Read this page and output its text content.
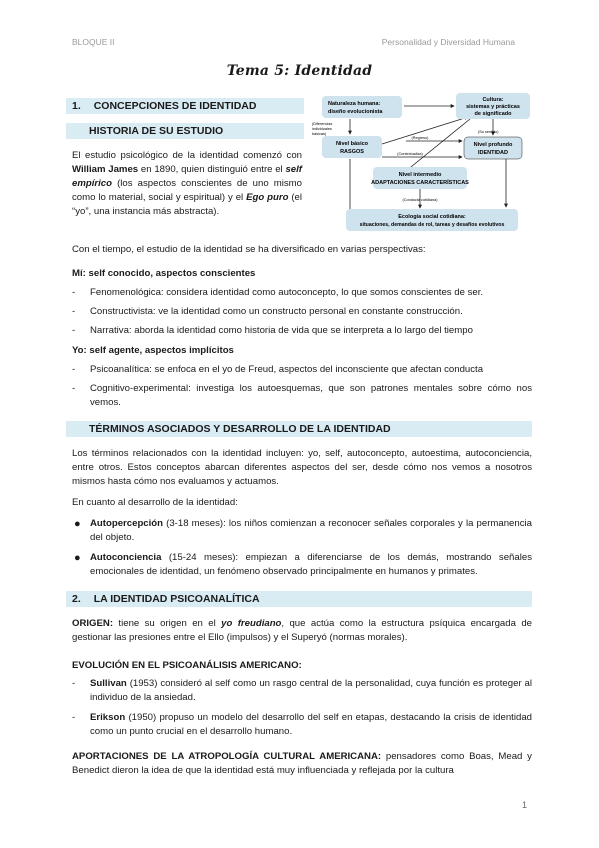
BLOQUE II	Personalidad y Diversidad Humana
Tema 5: Identidad
1. CONCEPCIONES DE IDENTIDAD
HISTORIA DE SU ESTUDIO
El estudio psicológico de la identidad comenzó con William James en 1890, quien distinguió entre el self empírico (los aspectos conscientes de uno mismo como lo material, social y espiritual) y el Ego puro (el “yo”, una instancia más abstracta).
Naturaleza humana:
diseño evolucionista
Cultura:
sistemas y prácticas
de significado
(Diferencias
individuales
básicas)
Nivel básico
RASGOS
Nivel profundo
IDENTIDAD
(Regreso)
(Su sentido)
(Contextualiza)
Nivel intermedio
ADAPTACIONES CARACTERÍSTICAS
(Conducta cotidiana)
Ecología social cotidiana:
situaciones, demandas de rol, tareas y desafíos evolutivos
Con el tiempo, el estudio de la identidad se ha diversificado en varias perspectivas:
Mí: self conocido, aspectos conscientes
- Fenomenológica: considera identidad como autoconcepto, lo que somos conscientes de ser.
- Constructivista: ve la identidad como un constructo personal en constante construcción.
- Narrativa: aborda la identidad como historia de vida que se interpreta a lo largo del tiempo
Yo: self agente, aspectos implícitos
- Psicoanalítica: se enfoca en el yo de Freud, aspectos del inconsciente que afectan conducta
- Cognitivo-experimental: investiga los autoesquemas, que son patrones mentales sobre cómo nos vemos.
TÉRMINOS ASOCIADOS Y DESARROLLO DE LA IDENTIDAD
Los términos relacionados con la identidad incluyen: yo, self, autoconcepto, autoestima, autoconciencia, entre otros. Estos conceptos abarcan diferentes aspectos del ser, desde cómo nos vemos a nosotros mismos hasta cómo nos evaluamos y actuamos.
En cuanto al desarrollo de la identidad:
● Autopercepción (3-18 meses): los niños comienzan a reconocer señales corporales y la permanencia del objeto.
● Autoconciencia (15-24 meses): empiezan a diferenciarse de los demás, mostrando señales emocionales de identidad, un fenómeno observado principalmente en humanos y primates.
2. LA IDENTIDAD PSICOANALÍTICA
ORIGEN: tiene su origen en el yo freudiano, que actúa como la estructura psíquica encargada de gestionar las presiones entre el Ello (impulsos) y el Superyó (normas morales).
EVOLUCIÓN EN EL PSICOANÁLISIS AMERICANO:
- Sullivan (1953) consideró al self como un rasgo central de la personalidad, cuya función es proteger al individuo de la ansiedad.
- Erikson (1950) propuso un modelo del desarrollo del self en etapas, destacando la crisis de identidad como un punto crucial en el desarrollo humano.
APORTACIONES DE LA ATROPOLOGÍA CULTURAL AMERICANA: pensadores como Boas, Mead y Benedict dieron la idea de que la identidad está muy influenciada y reflejada por la cultura
1
